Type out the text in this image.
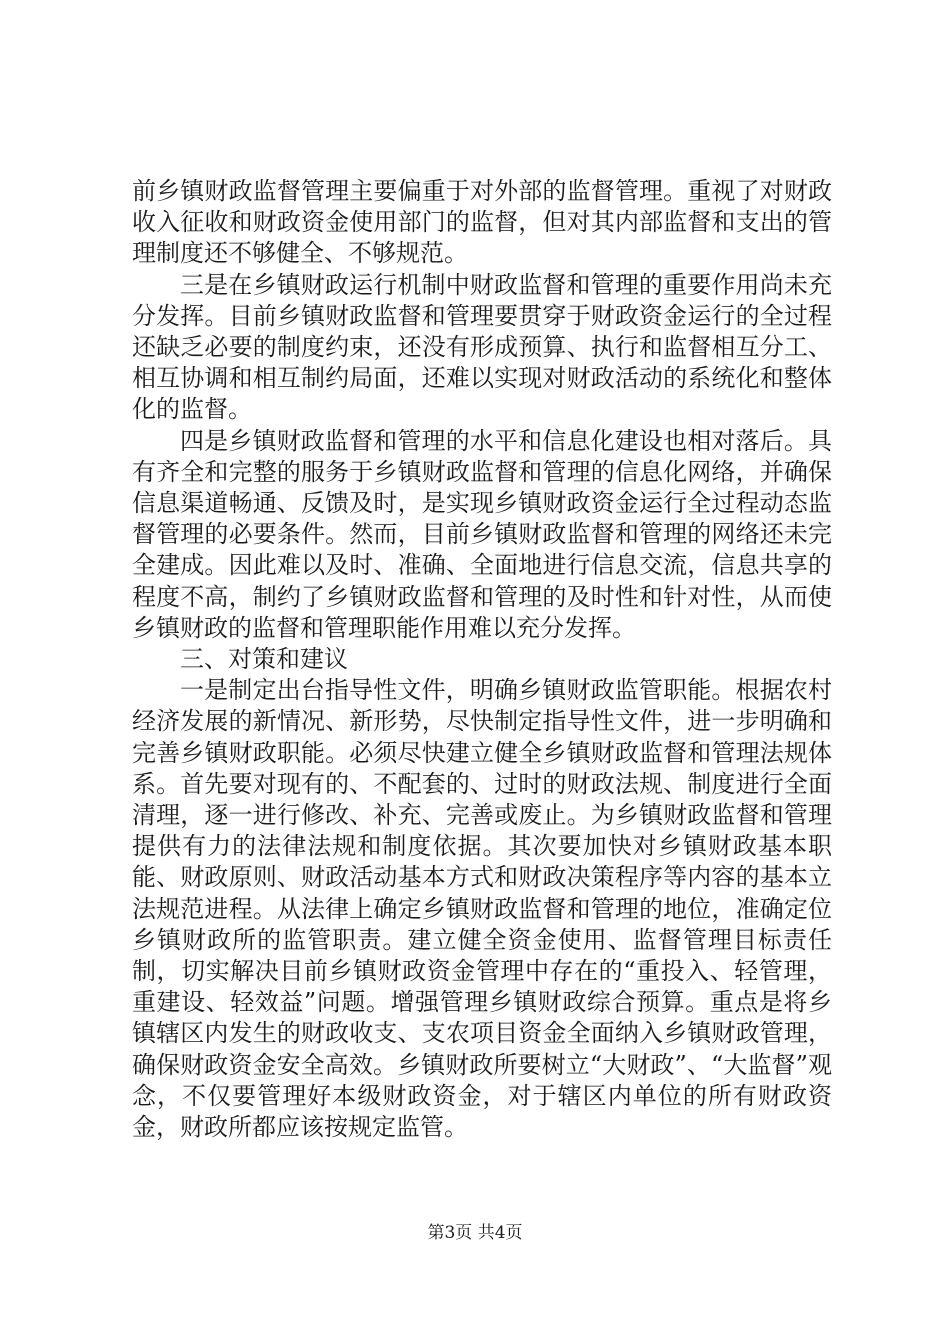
前乡镇财政监督管理主要偏重于对外部的监督管理。重视了对财政收入征收和财政资金使用部门的监督，但对其内部监督和支出的管理制度还不够健全、不够规范。

三是在乡镇财政运行机制中财政监督和管理的重要作用尚未充分发挥。目前乡镇财政监督和管理要贯穿于财政资金运行的全过程还缺乏必要的制度约束，还没有形成预算、执行和监督相互分工、相互协调和相互制约局面，还难以实现对财政活动的系统化和整体化的监督。

四是乡镇财政监督和管理的水平和信息化建设也相对落后。具有齐全和完整的服务于乡镇财政监督和管理的信息化网络，并确保信息渠道畅通、反馈及时，是实现乡镇财政资金运行全过程动态监督管理的必要条件。然而，目前乡镇财政监督和管理的网络还未完全建成。因此难以及时、准确、全面地进行信息交流，信息共享的程度不高，制约了乡镇财政监督和管理的及时性和针对性，从而使乡镇财政的监督和管理职能作用难以充分发挥。

三、对策和建议

一是制定出台指导性文件，明确乡镇财政监管职能。根据农村经济发展的新情况、新形势，尽快制定指导性文件，进一步明确和完善乡镇财政职能。必须尽快建立健全乡镇财政监督和管理法规体系。首先要对现有的、不配套的、过时的财政法规、制度进行全面清理，逐一进行修改、补充、完善或废止。为乡镇财政监督和管理提供有力的法律法规和制度依据。其次要加快对乡镇财政基本职能、财政原则、财政活动基本方式和财政决策程序等内容的基本立法规范进程。从法律上确定乡镇财政监督和管理的地位，准确定位乡镇财政所的监管职责。建立健全资金使用、监督管理目标责任制，切实解决目前乡镇财政资金管理中存在的“重投入、轻管理，重建设、轻效益”问题。增强管理乡镇财政综合预算。重点是将乡镇辖区内发生的财政收支、支农项目资金全面纳入乡镇财政管理，确保财政资金安全高效。乡镇财政所要树立“大财政”、“大监督”观念，不仅要管理好本级财政资金，对于辖区内单位的所有财政资金，财政所都应该按规定监管。

第3页 共4页
